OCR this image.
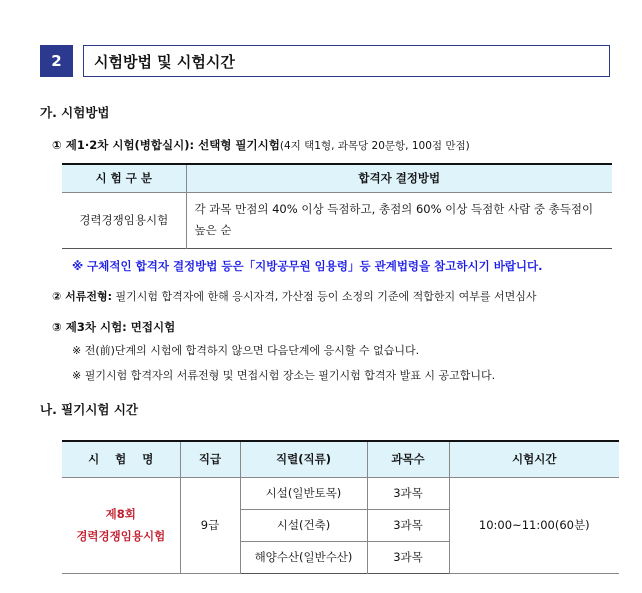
2	시험방법 및 시험시간
가. 시험방법
① 제1·2차 시험(병합실시): 선택형 필기시험(4지 택1형, 과목당 20문항, 100점 만점)
시 험 구 분	합격자 결정방법
경력경쟁임용시험	각 과목 만점의 40% 이상 득점하고, 총점의 60% 이상 득점한 사람 중 총득점이 높은 순
※ 구체적인 합격자 결정방법 등은「지방공무원 임용령」등 관계법령을 참고하시기 바랍니다.
② 서류전형: 필기시험 합격자에 한해 응시자격, 가산점 등이 소정의 기준에 적합한지 여부를 서면심사
③ 제3차 시험: 면접시험
※ 전(前)단계의 시험에 합격하지 않으면 다음단계에 응시할 수 없습니다.
※ 필기시험 합격자의 서류전형 및 면접시험 장소는 필기시험 합격자 발표 시 공고합니다.
나. 필기시험 시간
시    험    명	직급	직렬(직류)	과목수	시험시간

제8회
경력경쟁임용시험	9급	시설(일반토목)	3과목	10:00~11:00(60분)
		시설(건축)	3과목	
		해양수산(일반수산)	3과목	
